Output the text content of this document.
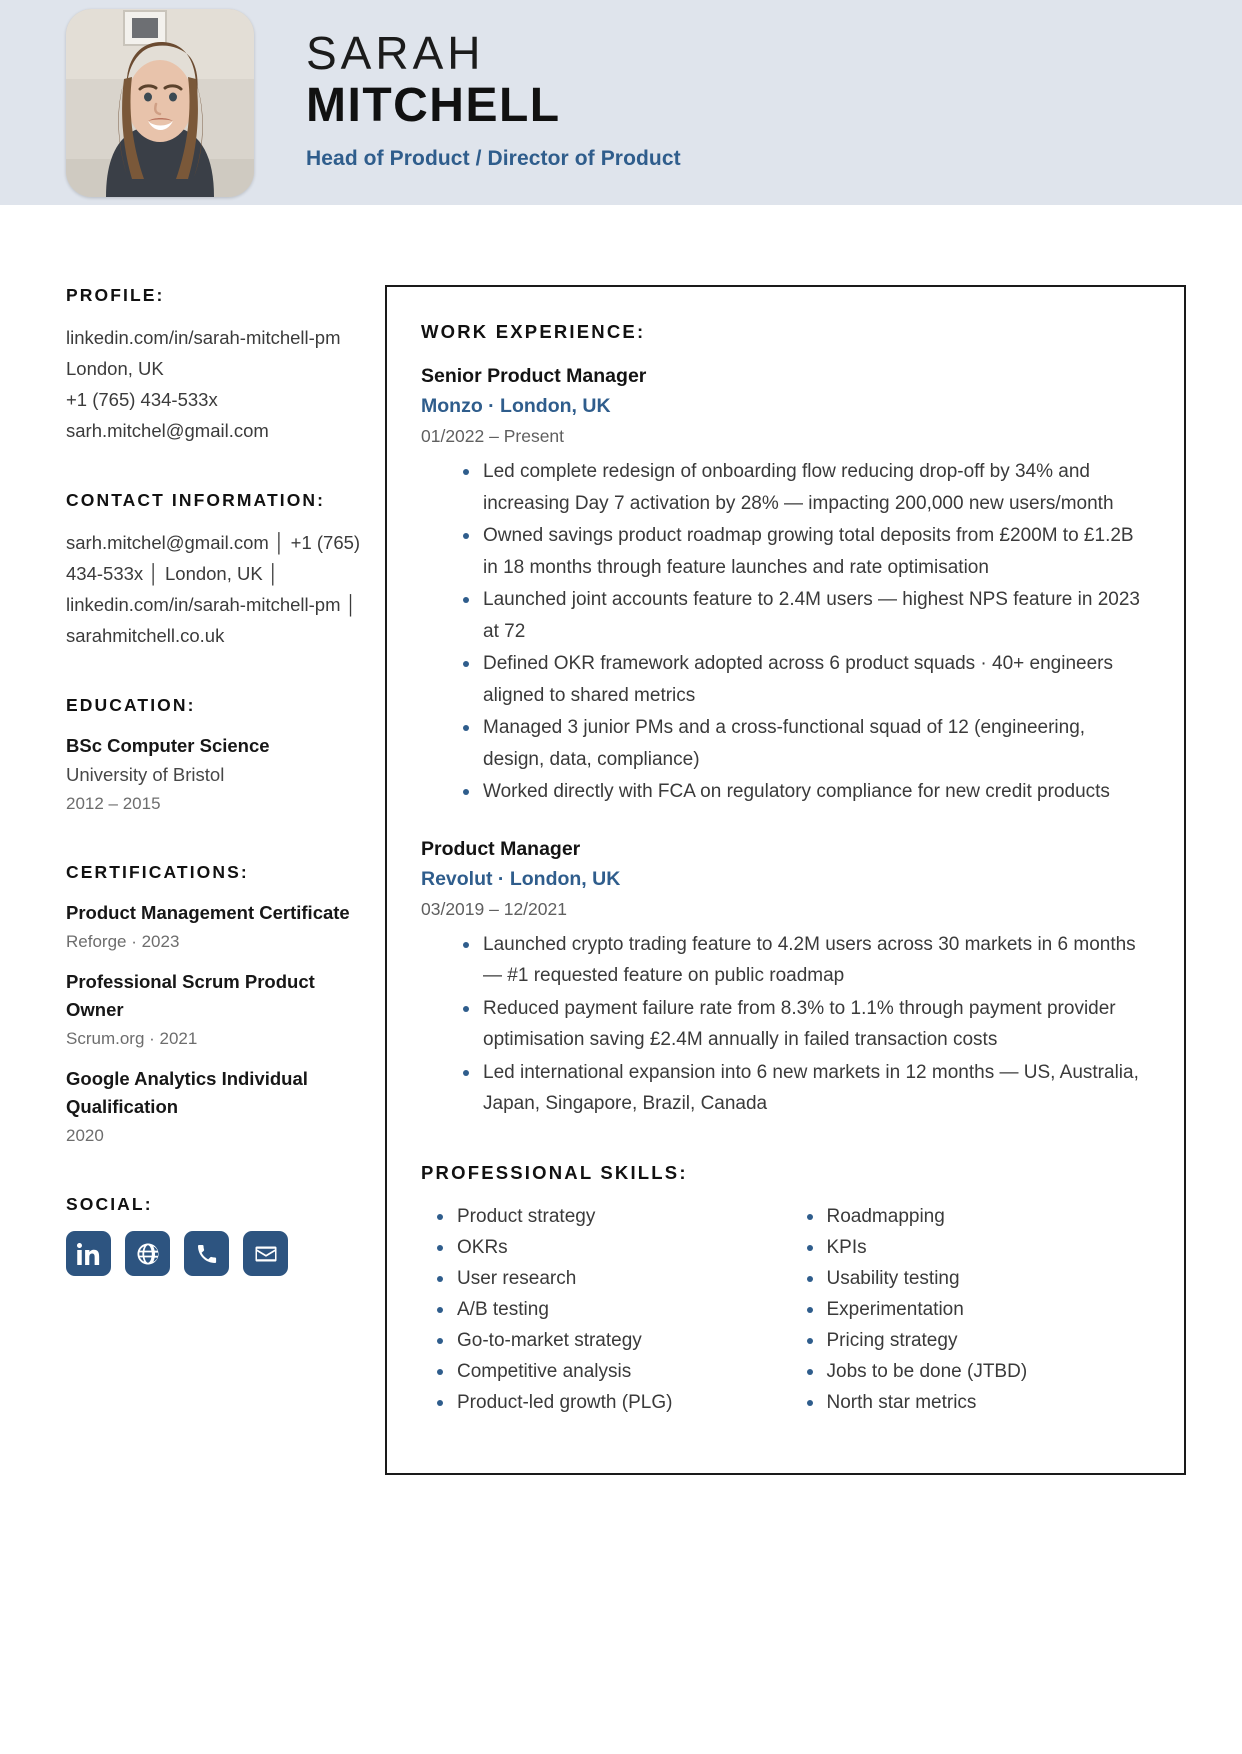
SARAH
MITCHELL
Head of Product / Director of Product
PROFILE:
linkedin.com/in/sarah-mitchell-pm
London, UK
+1 (765) 434-533x
sarh.mitchel@gmail.com
CONTACT INFORMATION:
sarh.mitchel@gmail.com │ +1 (765) 434-533x │ London, UK │ linkedin.com/in/sarah-mitchell-pm │ sarahmitchell.co.uk
EDUCATION:
BSc Computer Science
University of Bristol
2012 – 2015
CERTIFICATIONS:
Product Management Certificate
Reforge · 2023
Professional Scrum Product Owner
Scrum.org · 2021
Google Analytics Individual Qualification
2020
SOCIAL:
WORK EXPERIENCE:
Senior Product Manager
Monzo · London, UK
01/2022 – Present
Led complete redesign of onboarding flow reducing drop-off by 34% and increasing Day 7 activation by 28% — impacting 200,000 new users/month
Owned savings product roadmap growing total deposits from £200M to £1.2B in 18 months through feature launches and rate optimisation
Launched joint accounts feature to 2.4M users — highest NPS feature in 2023 at 72
Defined OKR framework adopted across 6 product squads · 40+ engineers aligned to shared metrics
Managed 3 junior PMs and a cross-functional squad of 12 (engineering, design, data, compliance)
Worked directly with FCA on regulatory compliance for new credit products
Product Manager
Revolut · London, UK
03/2019 – 12/2021
Launched crypto trading feature to 4.2M users across 30 markets in 6 months — #1 requested feature on public roadmap
Reduced payment failure rate from 8.3% to 1.1% through payment provider optimisation saving £2.4M annually in failed transaction costs
Led international expansion into 6 new markets in 12 months — US, Australia, Japan, Singapore, Brazil, Canada
PROFESSIONAL SKILLS:
Product strategy	Roadmapping
OKRs	KPIs
User research	Usability testing
A/B testing	Experimentation
Go-to-market strategy	Pricing strategy
Competitive analysis	Jobs to be done (JTBD)
Product-led growth (PLG)	North star metrics
